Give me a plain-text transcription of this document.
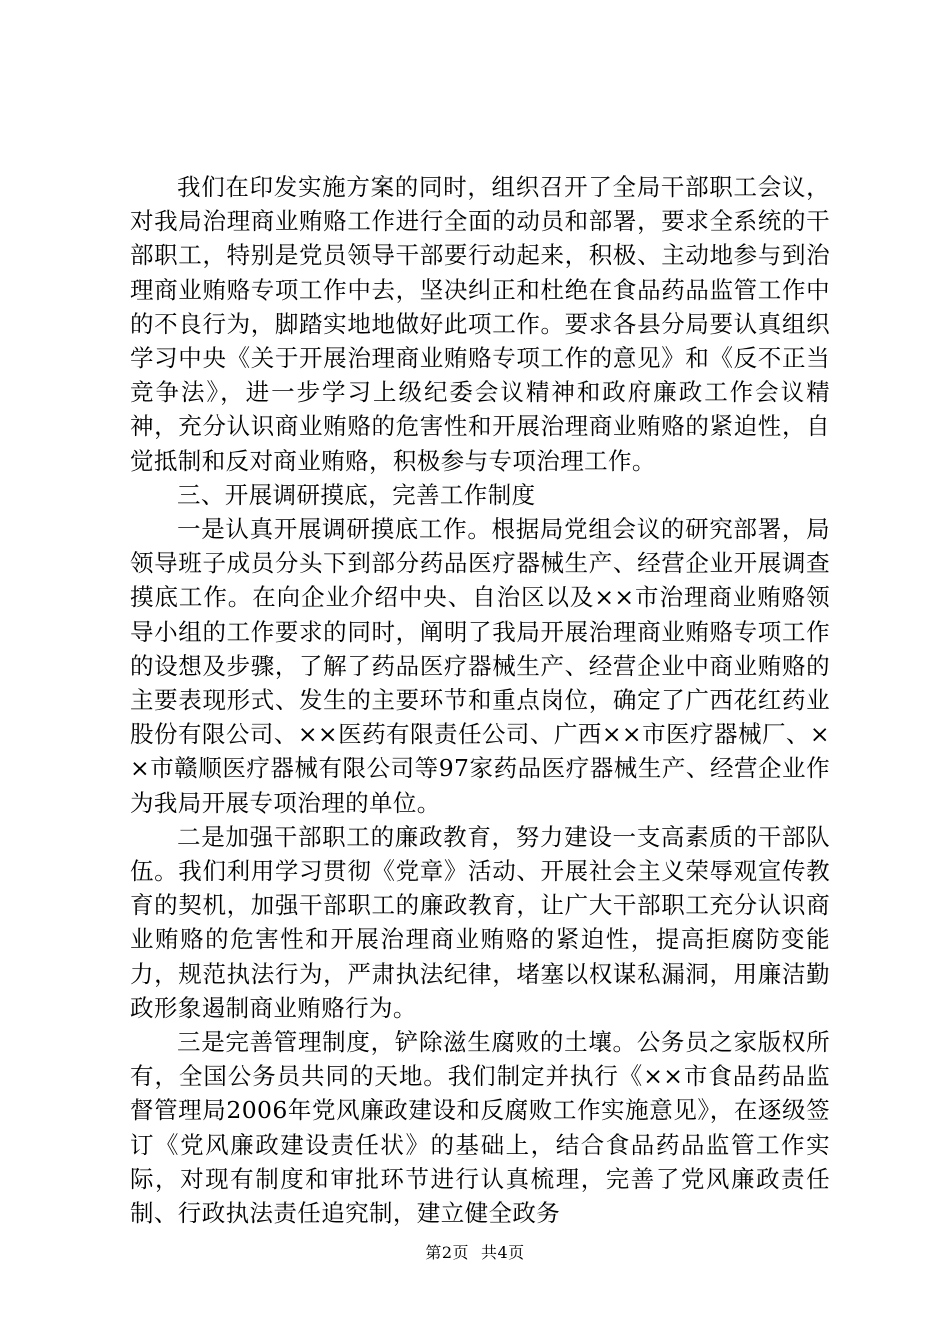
我们在印发实施方案的同时，组织召开了全局干部职工会议，对我局治理商业贿赂工作进行全面的动员和部署，要求全系统的干部职工，特别是党员领导干部要行动起来，积极、主动地参与到治理商业贿赂专项工作中去，坚决纠正和杜绝在食品药品监管工作中的不良行为，脚踏实地地做好此项工作。要求各县分局要认真组织学习中央《关于开展治理商业贿赂专项工作的意见》和《反不正当竞争法》，进一步学习上级纪委会议精神和政府廉政工作会议精神，充分认识商业贿赂的危害性和开展治理商业贿赂的紧迫性，自觉抵制和反对商业贿赂，积极参与专项治理工作。

三、开展调研摸底，完善工作制度

一是认真开展调研摸底工作。根据局党组会议的研究部署，局领导班子成员分头下到部分药品医疗器械生产、经营企业开展调查摸底工作。在向企业介绍中央、自治区以及××市治理商业贿赂领导小组的工作要求的同时，阐明了我局开展治理商业贿赂专项工作的设想及步骤，了解了药品医疗器械生产、经营企业中商业贿赂的主要表现形式、发生的主要环节和重点岗位，确定了广西花红药业股份有限公司、××医药有限责任公司、广西××市医疗器械厂、××市赣顺医疗器械有限公司等97家药品医疗器械生产、经营企业作为我局开展专项治理的单位。

二是加强干部职工的廉政教育，努力建设一支高素质的干部队伍。我们利用学习贯彻《党章》活动、开展社会主义荣辱观宣传教育的契机，加强干部职工的廉政教育，让广大干部职工充分认识商业贿赂的危害性和开展治理商业贿赂的紧迫性，提高拒腐防变能力，规范执法行为，严肃执法纪律，堵塞以权谋私漏洞，用廉洁勤政形象遏制商业贿赂行为。

三是完善管理制度，铲除滋生腐败的土壤。公务员之家版权所有，全国公务员共同的天地。我们制定并执行《××市食品药品监督管理局2006年党风廉政建设和反腐败工作实施意见》，在逐级签订《党风廉政建设责任状》的基础上，结合食品药品监管工作实际，对现有制度和审批环节进行认真梳理，完善了党风廉政责任制、行政执法责任追究制，建立健全政务

第2页 共4页
